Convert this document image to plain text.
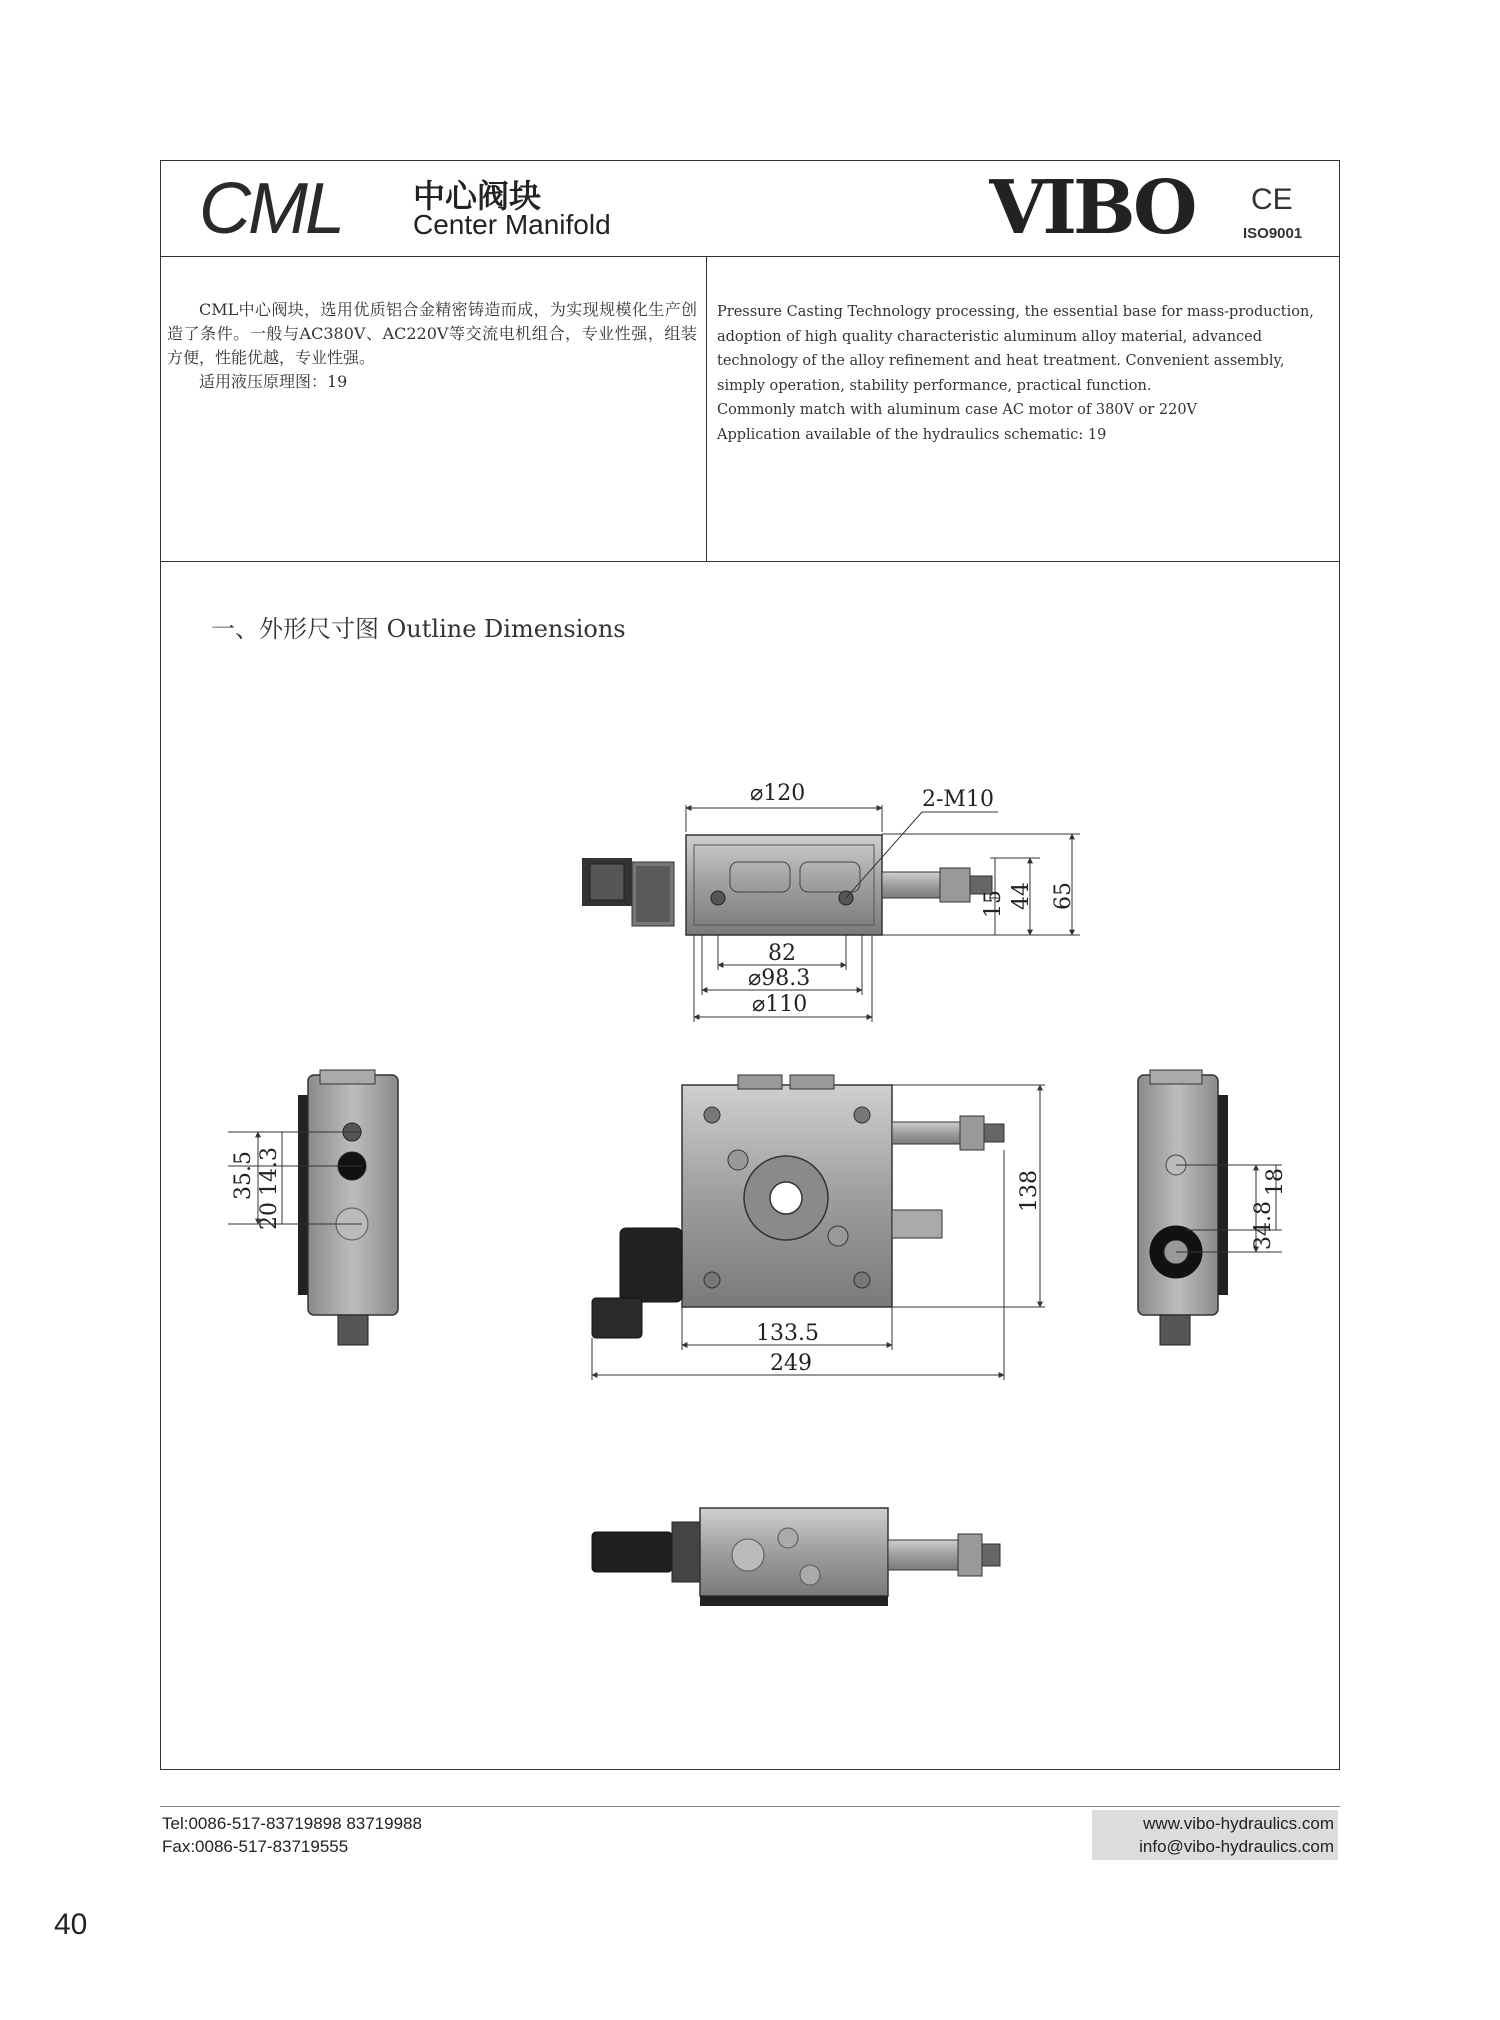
CML 中心阀块
Center Manifold	VIBO CE
ISO9001

CML中心阀块，选用优质铝合金精密铸造而成，为实现规模化生产创造了条件。一般与AC380V、AC220V等交流电机组合，专业性强，组装方便，性能优越，专业性强。

适用液压原理图：19

Pressure Casting Technology processing, the essential base for mass-production, adoption of high quality characteristic aluminum alloy material, advanced technology of the alloy refinement and heat treatment. Convenient assembly, simply operation, stability performance, practical function.

Commonly match with aluminum case AC motor of 380V or 220V

Application available of the hydraulics schematic: 19

一、外形尺寸图 Outline Dimensions
⌀120	2-M10
82
⌀98.3
⌀110
15 44 65
35.5 14.3
20
138
133.5
249
34.8
18
Tel:0086-517-83719898 83719988
Fax:0086-517-83719555
www.vibo-hydraulics.com
info@vibo-hydraulics.com
40
